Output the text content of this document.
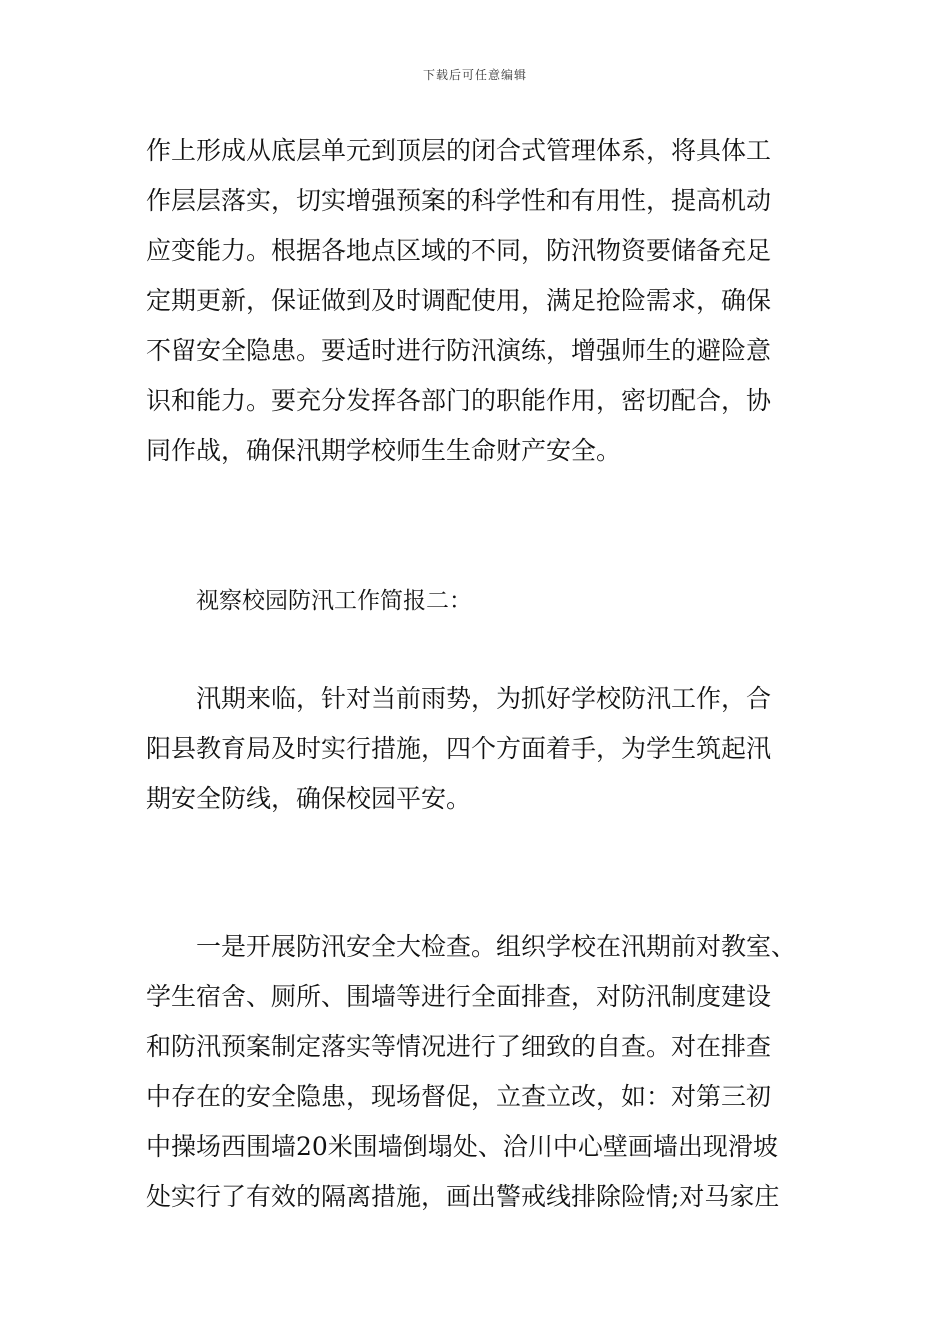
下载后可任意编辑
作上形成从底层单元到顶层的闭合式管理体系，将具体工
作层层落实，切实增强预案的科学性和有用性，提高机动
应变能力。根据各地点区域的不同，防汛物资要储备充足
定期更新，保证做到及时调配使用，满足抢险需求，确保
不留安全隐患。要适时进行防汛演练，增强师生的避险意
识和能力。要充分发挥各部门的职能作用，密切配合，协
同作战，确保汛期学校师生生命财产安全。
视察校园防汛工作简报二：
汛期来临，针对当前雨势，为抓好学校防汛工作，合
阳县教育局及时实行措施，四个方面着手，为学生筑起汛
期安全防线，确保校园平安。
一是开展防汛安全大检查。组织学校在汛期前对教室、
学生宿舍、厕所、围墙等进行全面排查，对防汛制度建设
和防汛预案制定落实等情况进行了细致的自查。对在排查
中存在的安全隐患，现场督促，立查立改，如：对第三初
中操场西围墙20米围墙倒塌处、洽川中心壁画墙出现滑坡
处实行了有效的隔离措施，画出警戒线排除险情;对马家庄
